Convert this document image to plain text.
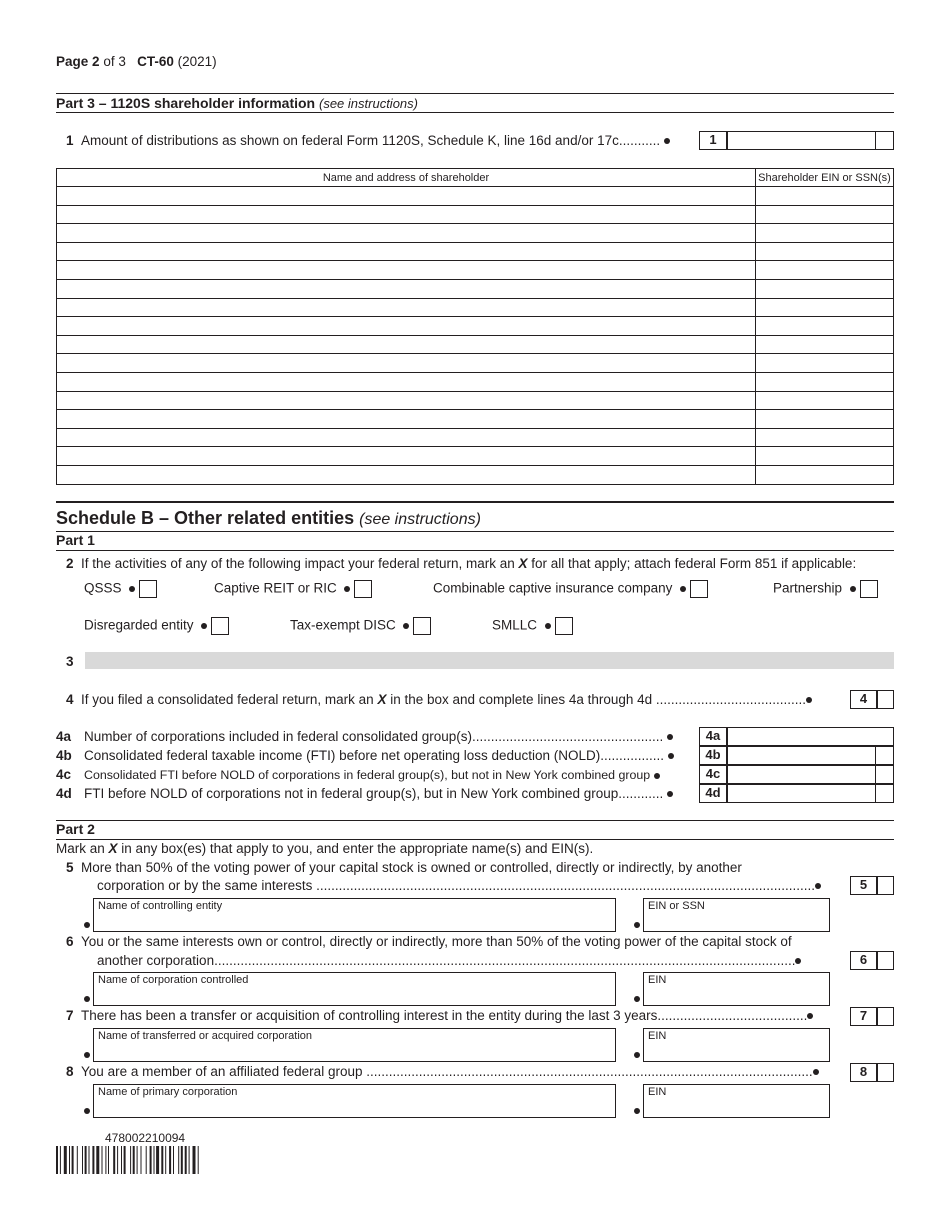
Page 2 of 3 CT-60 (2021)
Part 3 – 1120S shareholder information (see instructions)
1 Amount of distributions as shown on federal Form 1120S, Schedule K, line 16d and/or 17c...........	1
Name and address of shareholder	Shareholder EIN or SSN(s)

Schedule B – Other related entities (see instructions)
Part 1
2 If the activities of any of the following impact your federal return, mark an X for all that apply; attach federal Form 851 if applicable:
QSSS	Captive REIT or RIC	Combinable captive insurance company	Partnership
Disregarded entity	Tax-exempt DISC	SMLLC
3
4 If you filed a consolidated federal return, mark an X in the box and complete lines 4a through 4d ........................................	4
4a Number of corporations included in federal consolidated group(s)...................................................
4b Consolidated federal taxable income (FTI) before net operating loss deduction (NOLD).................
4c Consolidated FTI before NOLD of corporations in federal group(s), but not in New York combined group
4d FTI before NOLD of corporations not in federal group(s), but in New York combined group............
4a
4b
4c
4d
Part 2
Mark an X in any box(es) that apply to you, and enter the appropriate name(s) and EIN(s).
5 More than 50% of the voting power of your capital stock is owned or controlled, directly or indirectly, by another
corporation or by the same interests .....................................................................................................................................	5
Name of controlling entity	EIN or SSN
6 You or the same interests own or control, directly or indirectly, more than 50% of the voting power of the capital stock of
another corporation...........................................................................................................................................................	6
Name of corporation controlled	EIN
7 There has been a transfer or acquisition of controlling interest in the entity during the last 3 years........................................	7
Name of transferred or acquired corporation	EIN
8 You are a member of an affiliated federal group .......................................................................................................................	8
Name of primary corporation	EIN
478002210094
